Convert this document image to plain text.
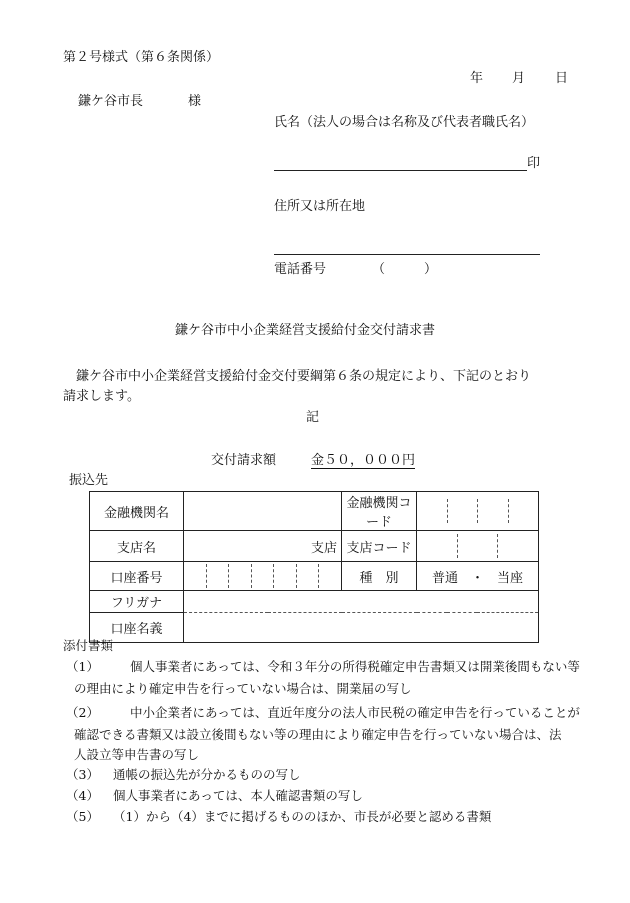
第２号様式（第６条関係）
年 月 日
鎌ケ谷市長	様
氏名（法人の場合は名称及び代表者職氏名）
印
住所又は所在地
電話番号	（　　　）
鎌ケ谷市中小企業経営支援給付金交付請求書
　鎌ケ谷市中小企業経営支援給付金交付要綱第６条の規定により、下記のとおり
請求します。
記
交付請求額	金５０，０００円
振込先
金融機関名		金融機関コード	

支店名	支店	支店コード	

口座番号		種　別	普通　・　当座
フリガナ			
口座名義			
添付書類
（1） 個人事業者にあっては、令和３年分の所得税確定申告書類又は開業後間もない等
の理由により確定申告を行っていない場合は、開業届の写し
（2） 中小企業者にあっては、直近年度分の法人市民税の確定申告を行っていることが
確認できる書類又は設立後間もない等の理由により確定申告を行っていない場合は、法
人設立等申告書の写し
（3） 通帳の振込先が分かるものの写し
（4） 個人事業者にあっては、本人確認書類の写し
（5） （1）から（4）までに掲げるもののほか、市長が必要と認める書類
